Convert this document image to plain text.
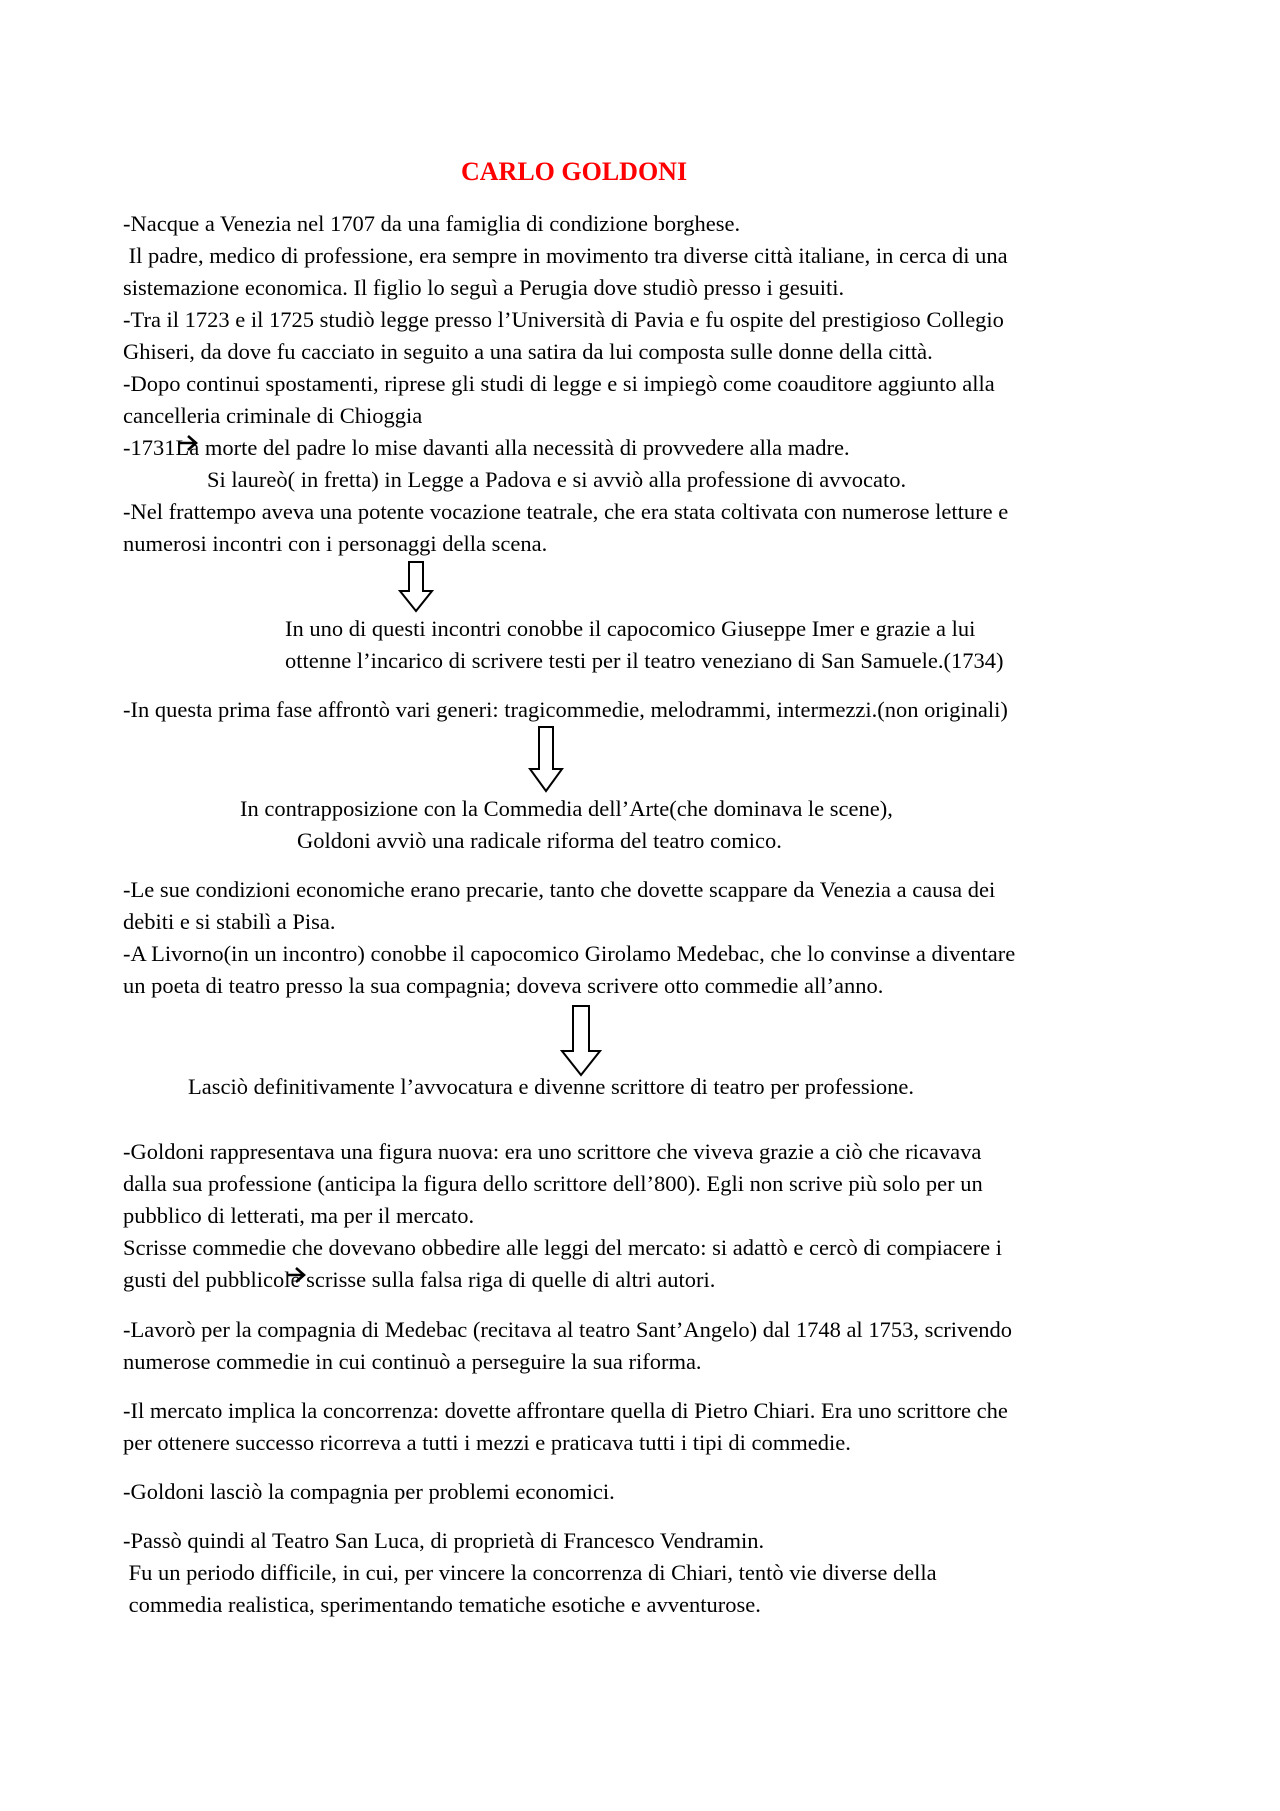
CARLO GOLDONI
-Nacque a Venezia nel 1707 da una famiglia di condizione borghese.
Il padre, medico di professione, era sempre in movimento tra diverse città italiane, in cerca di una
sistemazione economica. Il figlio lo seguì a Perugia dove studiò presso i gesuiti.
-Tra il 1723 e il 1725 studiò legge presso l’Università di Pavia e fu ospite del prestigioso Collegio
Ghiseri, da dove fu cacciato in seguito a una satira da lui composta sulle donne della città.
-Dopo continui spostamenti, riprese gli studi di legge e si impiegò come coauditore aggiunto alla
cancelleria criminale di Chioggia
-1731
La morte del padre lo mise davanti alla necessità di provvedere alla madre.
Si laureò( in fretta) in Legge a Padova e si avviò alla professione di avvocato.
-Nel frattempo aveva una potente vocazione teatrale, che era stata coltivata con numerose letture e
numerosi incontri con i personaggi della scena.
In uno di questi incontri conobbe il capocomico Giuseppe Imer e grazie a lui
ottenne l’incarico di scrivere testi per il teatro veneziano di San Samuele.(1734)
-In questa prima fase affrontò vari generi: tragicommedie, melodrammi, intermezzi.(non originali)
In contrapposizione con la Commedia dell’Arte(che dominava le scene),
Goldoni avviò una radicale riforma del teatro comico.
-Le sue condizioni economiche erano precarie, tanto che dovette scappare da Venezia a causa dei
debiti e si stabilì a Pisa.
-A Livorno(in un incontro) conobbe il capocomico Girolamo Medebac, che lo convinse a diventare
un poeta di teatro presso la sua compagnia; doveva scrivere otto commedie all’anno.
Lasciò definitivamente l’avvocatura e divenne scrittore di teatro per professione.
-Goldoni rappresentava una figura nuova: era uno scrittore che viveva grazie a ciò che ricavava
dalla sua professione (anticipa la figura dello scrittore dell’800). Egli non scrive più solo per un
pubblico di letterati, ma per il mercato.
Scrisse commedie che dovevano obbedire alle leggi del mercato: si adattò e cercò di compiacere i
gusti del pubblico
le scrisse sulla falsa riga di quelle di altri autori.
-Lavorò per la compagnia di Medebac (recitava al teatro Sant’Angelo) dal 1748 al 1753, scrivendo
numerose commedie in cui continuò a perseguire la sua riforma.
-Il mercato implica la concorrenza: dovette affrontare quella di Pietro Chiari. Era uno scrittore che
per ottenere successo ricorreva a tutti i mezzi e praticava tutti i tipi di commedie.
-Goldoni lasciò la compagnia per problemi economici.
-Passò quindi al Teatro San Luca, di proprietà di Francesco Vendramin.
Fu un periodo difficile, in cui, per vincere la concorrenza di Chiari, tentò vie diverse della
commedia realistica, sperimentando tematiche esotiche e avventurose.
